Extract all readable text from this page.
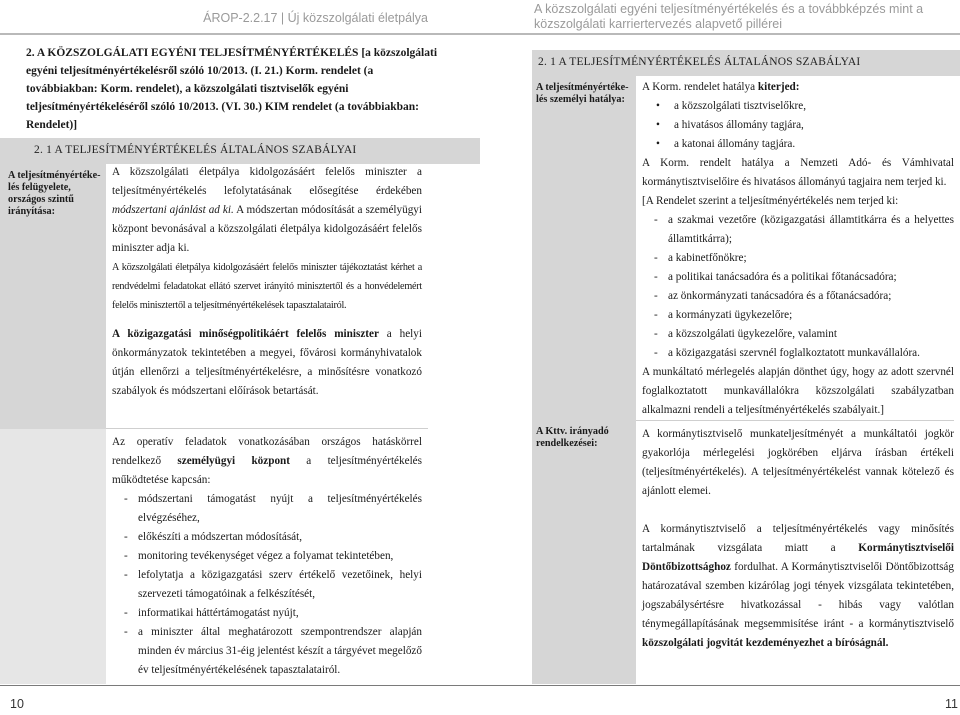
ÁROP-2.2.17 | Új közszolgálati életpálya
2. A KÖZSZOLGÁLATI EGYÉNI TELJESÍTMÉNYÉRTÉKELÉS [a közszolgálati egyéni teljesítményértékelésről szóló 10/2013. (I. 21.) Korm. rendelet (a továbbiakban: Korm. rendelet), a közszolgálati tisztviselők egyéni teljesítményértékeléséről szóló 10/2013. (VI. 30.) KIM rendelet (a továbbiakban: Rendelet)]
2. 1 A TELJESÍTMÉNYÉRTÉKELÉS ÁLTALÁNOS SZABÁLYAI
A teljesítményértéke-lés felügyelete, országos szintű irányítása:

A közszolgálati életpálya kidolgozásáért felelős miniszter a teljesítményértékelés lefolytatásának elősegítése érdekében módszertani ajánlást ad ki. A módszertan módosítását a személyügyi központ bevonásával a közszolgálati életpálya kidolgozásáért felelős miniszter adja ki.

A közszolgálati életpálya kidolgozásáért felelős miniszter tájékoztatást kérhet a rendvédelmi feladatokat ellátó szervet irányító minisztertől és a honvédelemért felelős minisztertől a teljesítményértékelések tapasztalatairól.

A közigazgatási minőségpolitikáért felelős miniszter a helyi önkormányzatok tekintetében a megyei, fővárosi kormányhivatalok útján ellenőrzi a teljesítményértékelésre, a minősítésre vonatkozó szabályok és módszertani előírások betartását.

Az operatív feladatok vonatkozásában országos hatáskörrel rendelkező személyügyi központ a teljesítményértékelés működtetése kapcsán:

- módszertani támogatást nyújt a teljesítményértékelés elvégzéséhez,
- előkészíti a módszertan módosítását,
- monitoring tevékenységet végez a folyamat tekintetében,
- lefolytatja a közigazgatási szerv értékelő vezetőinek, helyi szervezeti támogatóinak a felkészítését,
- informatikai háttértámogatást nyújt,
- a miniszter által meghatározott szempontrendszer alapján minden év március 31-éig jelentést készít a tárgyévet megelőző év teljesítményértékelésének tapasztalatairól.
10
A közszolgálati egyéni teljesítményértékelés és a továbbképzés mint a
közszolgálati karriertervezés alapvető pillérei
2. 1 A TELJESÍTMÉNYÉRTÉKELÉS ÁLTALÁNOS SZABÁLYAI
A teljesítményértéke-lés személyi hatálya:

A Korm. rendelet hatálya kiterjed:

• a közszolgálati tisztviselőkre,
• a hivatásos állomány tagjára,
• a katonai állomány tagjára.

A Korm. rendelt hatálya a Nemzeti Adó- és Vámhivatal kormánytisztviselőire és hivatásos állományú tagjaira nem terjed ki.

[A Rendelet szerint a teljesítményértékelés nem terjed ki:

- a szakmai vezetőre (közigazgatási államtitkárra és a helyettes államtitkárra);
- a kabinetfőnökre;
- a politikai tanácsadóra és a politikai főtanácsadóra;
- az önkormányzati tanácsadóra és a főtanácsadóra;
- a kormányzati ügykezelőre;
- a közszolgálati ügykezelőre, valamint
- a közigazgatási szervnél foglalkoztatott munkavállalóra.

A munkáltató mérlegelés alapján dönthet úgy, hogy az adott szervnél foglalkoztatott munkavállalókra közszolgálati szabályzatban alkalmazni rendeli a teljesítményértékelés szabályait.]

A Kttv. irányadó rendelkezései:

A kormánytisztviselő munkateljesítményét a munkáltatói jogkör gyakorlója mérlegelési jogkörében eljárva írásban értékeli (teljesítményértékelés). A teljesítményértékelést vannak kötelező és ajánlott elemei.

A kormánytisztviselő a teljesítményértékelés vagy minősítés tartalmának vizsgálata miatt a Kormánytisztviselői Döntőbizottsághoz fordulhat. A Kormánytisztviselői Döntőbizottság határozatával szemben kizárólag jogi tények vizsgálata tekintetében, jogszabálysértésre hivatkozással - hibás vagy valótlan ténymegállapításának megsemmisítése iránt - a kormánytisztviselő közszolgálati jogvitát kezdeményezhet a bíróságnál.

11
